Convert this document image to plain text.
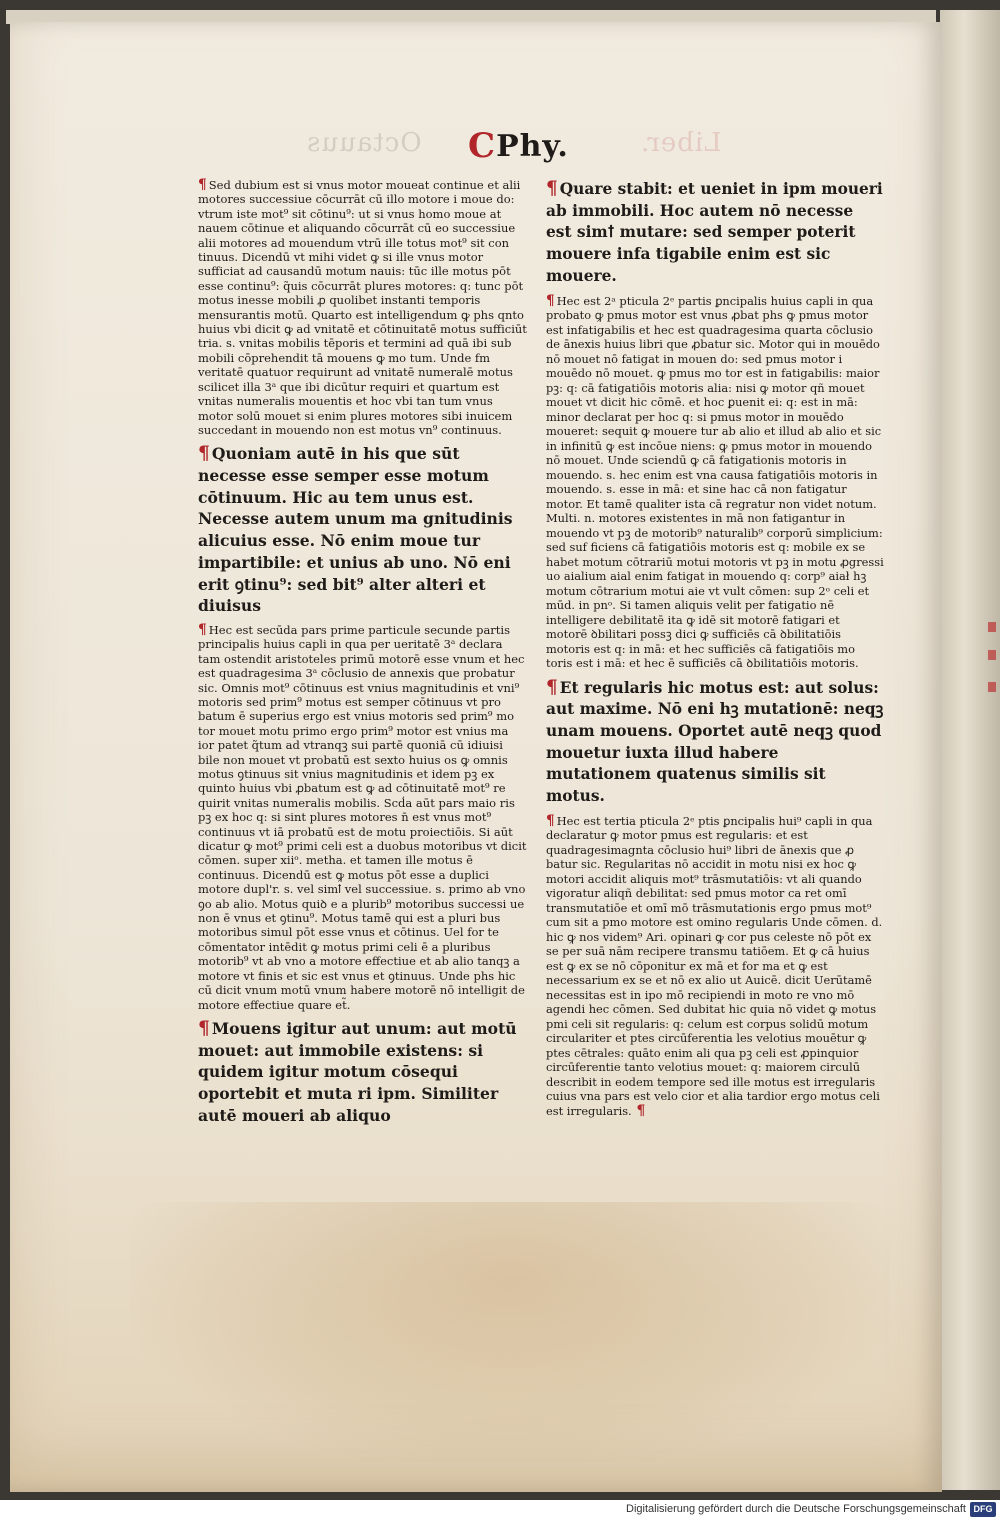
Octauus	Liber.
C Phy.
¶ Sed dubium est si vnus motor moueat continue et alii motores successiue cōcurrāt cū illo motore i moue do: vtrum iste mot⁹ sit cōtinu⁹: ut si vnus homo moue at nauem cōtinue et aliquando cōcurrāt cū eo successiue alii motores ad mouendum vtrū ille totus mot⁹ sit con tinuus. Dicendū vt mihi videt ꝙ si ille vnus motor sufficiat ad causandū motum nauis: tūc ille motus pōt esse continu⁹: q̃uis cōcurrāt plures motores: q: tunc pōt motus inesse mobili ꝓ quolibet instanti temporis mensurantis motū. Quarto est intelligendum ꝙ phs qnto huius vbi dicit ꝙ ad vnitatē et cōtinuitatē motus sufficiūt tria. s. vnitas mobilis tēporis et termini ad quā ibi sub mobili cōprehendit tā mouens ꝙ mo tum. Unde fm veritatē quatuor requirunt ad vnitatē numeralē motus scilicet illa 3ᵃ que ibi dicūtur requiri et quartum est vnitas numeralis mouentis et hoc vbi tan tum vnus motor solū mouet si enim plures motores sibi inuicem succedant in mouendo non est motus vn⁹ continuus.
¶ Quoniam autē in his que sūt necesse esse semper esse motum cōtinuum. Hic au tem unus est. Necesse autem unum ma gnitudinis alicuius esse. Nō enim moue tur impartibile: et unius ab uno. Nō eni erit ꝯtinu⁹: sed bit⁹ alter alteri et diuisus
¶ Hec est secūda pars prime particule secunde partis principalis huius capli in qua per ueritatē 3ᵃ declara tam ostendit aristoteles primū motorē esse vnum et hec est quadragesima 3ᵃ cōclusio de annexis que probatur sic. Omnis mot⁹ cōtinuus est vnius magnitudinis et vni⁹ motoris sed prim⁹ motus est semper cōtinuus vt pro batum ē superius ergo est vnius motoris sed prim⁹ mo tor mouet motu primo ergo prim⁹ motor est vnius ma ior patet q̃tum ad vtranqꝫ sui partē quoniā cū idiuisi bile non mouet vt probatū est sexto huius os ꝙ omnis motus ꝯtinuus sit vnius magnitudinis et idem pꝫ ex quinto huius vbi ꝓbatum est ꝙ ad cōtinuitatē mot⁹ re quirit vnitas numeralis mobilis. Scḋa aūt pars maio ris pꝫ ex hoc q: si sint plures motores n̄ est vnus mot⁹ continuus vt iā probatū est de motu proiectiōis. Si aūt dicatur ꝙ mot⁹ primi celi est a duobus motoribus vt dicit cōmen. super xiiᵒ. metha. et tamen ille motus ē continuus. Dicendū est ꝙ motus pōt esse a duplici motore dupl'r. s. vel simꝉ vel successiue. s. primo ab vno ꝯo ab alio. Motus quiꝺ e a plurib⁹ motoribus successi ue non ē vnus et ꝯtinu⁹. Motus tamē qui est a pluri bus motoribus simul pōt esse vnus et cōtinus. Uel for te cōmentator intēdit ꝙ motus primi celi ē a pluribus motorib⁹ vt ab vno a motore effectiue et ab alio tanqꝫ a motore vt finis et sic est vnus et ꝯtinuus. Unde phs hic cū dicit vnum motū vnum habere motorē nō intelligit de motore effectiue quare et̃.
¶ Mouens igitur aut unum: aut motū mouet: aut immobile existens: si quidem igitur motum cōsequi oportebit et muta ri ipm. Similiter autē moueri ab aliquo
¶ Quare stabit: et ueniet in ipm moueri ab immobili. Hoc autem nō necesse est simꝉ mutare: sed semper poterit mouere infa tigabile enim est sic mouere.
¶ Hec est 2ᵃ pticula 2ᵉ partis ꝑncipalis huius capli in qua probato ꝙ pmus motor est vnus ꝓbat phs ꝙ pmus motor est infatigabilis et hec est quadragesima quarta cōclusio de ānexis huius libri que ꝓbatur sic. Motor qui in mouēdo nō mouet nō fatigat in mouen do: sed pmus motor i mouēdo nō mouet. ꝙ pmus mo tor est in fatigabilis: maior pꝫ: q: cā fatigatiōis motoris alia: nisi ꝙ motor qñ mouet mouet vt dicit hic cōmē. et hoc ꝑuenit ei: q: est in mā: minor declarat per hoc q: si pmus motor in mouēdo moueret: sequit ꝙ mouere tur ab alio et illud ab alio et sic in infinitū ꝙ est incōue niens: ꝙ pmus motor in mouendo nō mouet. Unde sciendū ꝙ cā fatigationis motoris in mouendo. s. hec enim est vna causa fatigatiōis motoris in mouendo. s. esse in mā: et sine hac cā non fatigatur motor. Et tamē qualiter ista cā regratur non videt notum. Multi. n. motores existentes in mā non fatigantur in mouendo vt pꝫ de motorib⁹ naturalib⁹ corporū simplicium: sed suf ficiens cā fatigatiōis motoris est q: mobile ex se habet motum cōtrariū motui motoris vt pꝫ in motu ꝓgressi uo aialium aial enim fatigat in mouendo q: corp⁹ aiał hꝫ motum cōtrarium motui aie vt vult cōmen: sup 2ᵒ celi et mūd. in pnᵒ. Si tamen aliquis velit per fatigatio nē intelligere debilitatē ita ꝙ idē sit motorē fatigari et motorē ꝺbilitari possꝫ dici ꝙ sufficiēs cā ꝺbilitatiōis motoris est q: in mā: et hec sufficiēs cā fatigatiōis mo toris est i mā: et hec ē sufficiēs cā ꝺbilitatiōis motoris.
¶ Et regularis hic motus est: aut solus: aut maxime. Nō eni hꝫ mutationē: neqꝫ unam mouens. Oportet autē neqꝫ quod mouetur iuxta illud habere mutationem quatenus similis sit motus.
¶ Hec est tertia pticula 2ᵉ ptis ꝑncipalis hui⁹ capli in qua declaratur ꝙ motor pmus est regularis: et est quadragesimagnta cōclusio hui⁹ libri de ānexis que ꝓ batur sic. Regularitas nō accidit in motu nisi ex hoc ꝙ motori accidit aliquis mot⁹ trāsmutatiōis: vt ali quando vigoratur aliqñ debilitat: sed pmus motor ca ret omī transmutatiōe et omī mō trāsmutationis ergo pmus mot⁹ cum sit a pmo motore est omino regularis Unde cōmen. d. hic ꝙ nos videm⁹ Ari. opinari ꝙ cor pus celeste nō pōt ex se per suā nām recipere transmu tatiōem. Et ꝙ cā huius est ꝙ ex se nō cōponitur ex mā et for ma et ꝙ est necessarium ex se et nō ex alio ut Auicē. dicit Uerūtamē necessitas est in ipo mō recipiendi in moto re vno mō agendi hec cōmen. Sed dubitat hic quia nō videt ꝙ motus pmi celi sit regularis: q: celum est corpus solidū motum circulariter et ptes circūferentia les velotius mouētur ꝙ ptes cētrales: quāto enim ali qua pꝫ celi est ꝓpinquior circūferentie tanto velotius mouet: q: maiorem circulū describit in eodem tempore sed ille motus est irregularis cuius vna pars est velo cior et alia tardior ergo motus celi est irregularis. ¶
Digitalisierung gefördert durch die Deutsche Forschungsgemeinschaft DFG
